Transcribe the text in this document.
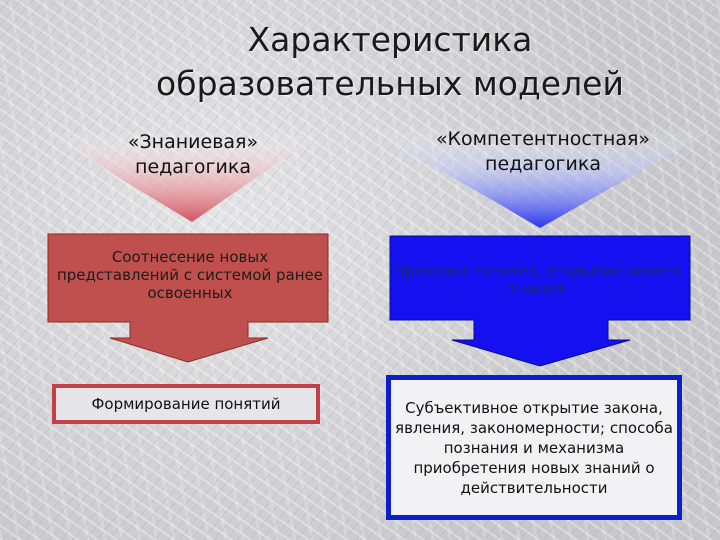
Характеристика
образовательных моделей
«Знаниевая» педагогика
«Компетентностная» педагогика
Соотнесение новых представлений с системой ранее освоенных
Проверка гипотез, открытие нового знания
Формирование понятий	Субъективное открытие закона, явления, закономерности; способа познания и механизма приобретения новых знаний о действительности
